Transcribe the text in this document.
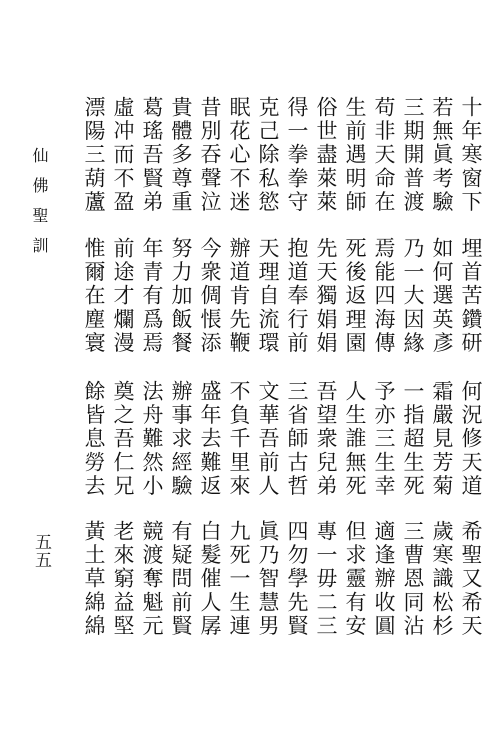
十年寒窗下
埋首苦鑽研
何況修天道
希聖又希天
若無眞考驗
如何選英彥
霜嚴見芳菊
歲寒識松杉
三期開普渡
乃一大因緣
一指超生死
三曹恩同沾
苟非天命在
焉能四海傳
予亦三生幸
適逢辦收圓
生前遇明師
死後返理園
人生誰無死
但求靈有安
俗世盡萊萊
先天獨娟娟
吾望衆兒弟
專一毋二三
得一拳拳守
抱道奉行前
三省師古哲
四勿學先賢
克己除私慾
天理自流環
文華吾前人
眞乃智慧男
眠花心不迷
辦道肯先鞭
不負千里來
九死一生連
昔別吞聲泣
今衆倜悵添
盛年去難返
白髮催人孱
貴體多尊重
努力加飯餐
辦事求經驗
有疑問前賢
葛瑤吾賢弟
年青有爲焉
法舟難然小
競渡奪魁元
虛冲而不盈
前途才爛漫
奠之吾仁兄
老來窮益堅
漂陽三葫蘆
惟爾在塵寰
餘皆息勞去
黃土草綿綿
仙佛聖訓
五五
